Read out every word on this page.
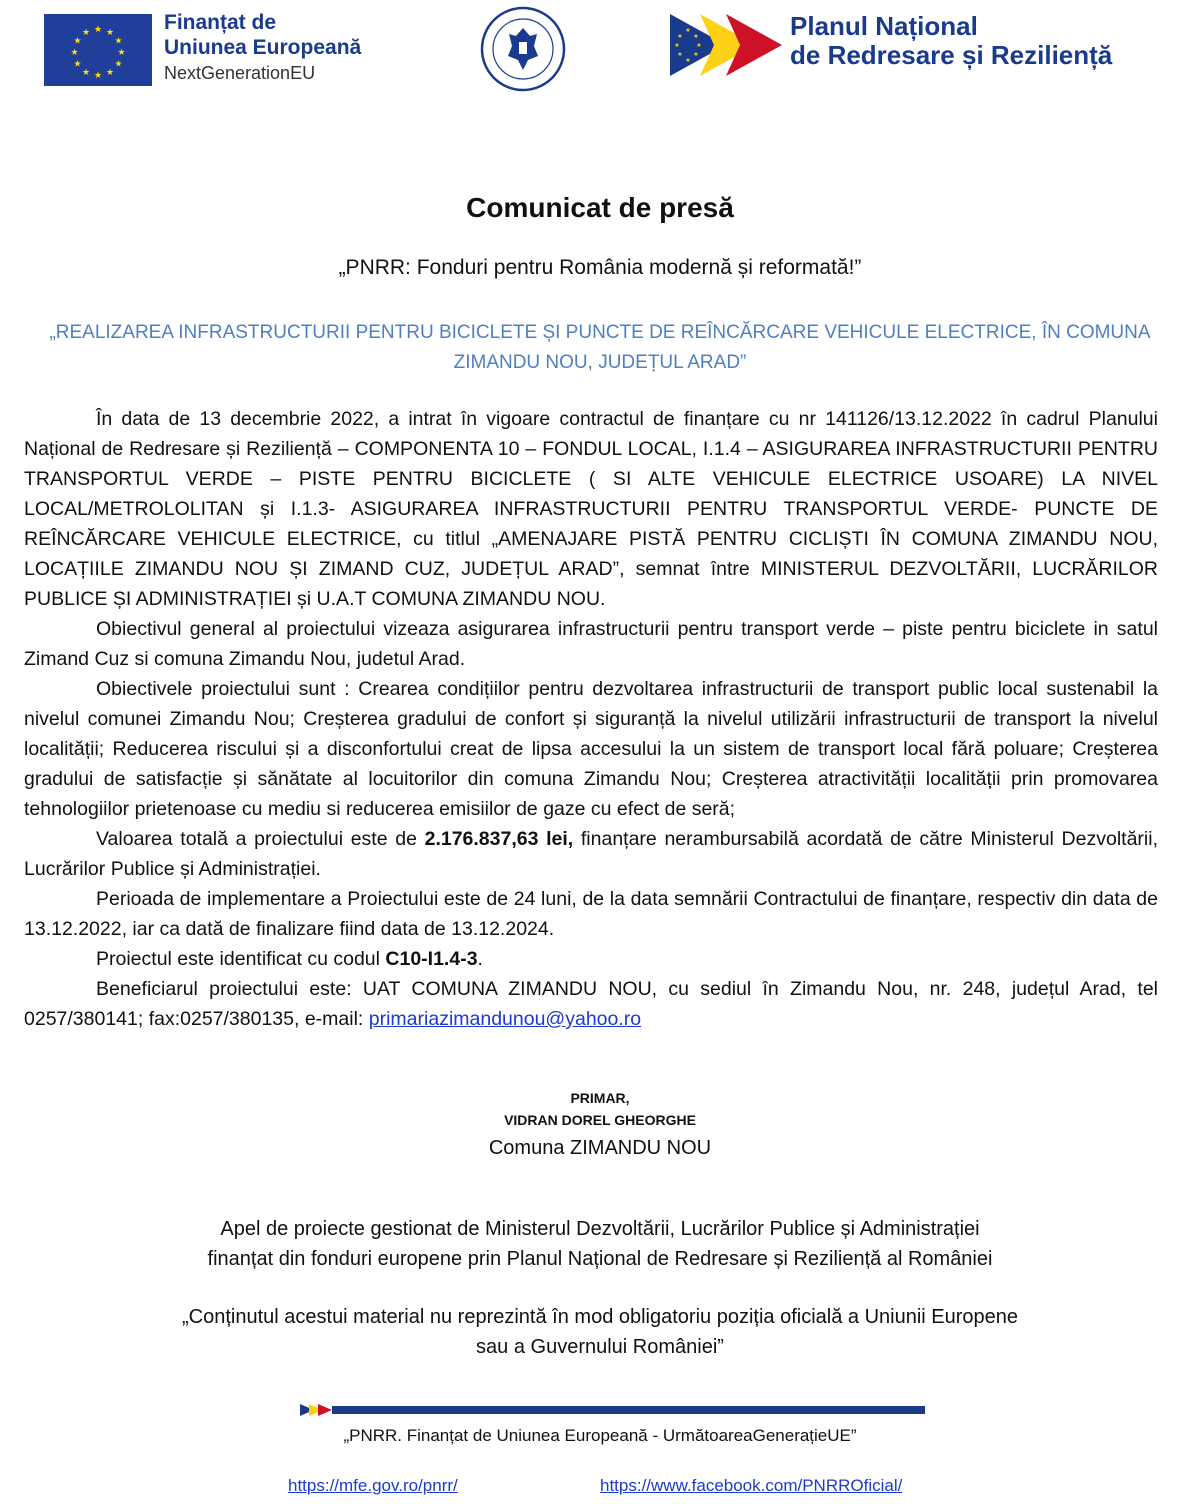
★ ★
★
★
★
★
★
★
★
★
★
★	Finanțat de
Uniunea Europeană
NextGenerationEU
★
★
★
★
★
★
★
★	Planul Național
de Redresare și Reziliență
Comunicat de presă
„PNRR: Fonduri pentru România modernă și reformată!”
„REALIZAREA INFRASTRUCTURII PENTRU BICICLETE ȘI PUNCTE DE REÎNCĂRCARE VEHICULE ELECTRICE, ÎN COMUNA ZIMANDU NOU, JUDEȚUL ARAD”

În data de 13 decembrie 2022, a intrat în vigoare contractul de finanțare cu nr 141126/13.12.2022 în cadrul Planului Național de Redresare și Reziliență – COMPONENTA 10 – FONDUL LOCAL, I.1.4 – ASIGURAREA INFRASTRUCTURII PENTRU TRANSPORTUL VERDE – PISTE PENTRU BICICLETE ( SI ALTE VEHICULE ELECTRICE USOARE) LA NIVEL LOCAL/METROLOLITAN și I.1.3- ASIGURAREA INFRASTRUCTURII PENTRU TRANSPORTUL VERDE- PUNCTE DE REÎNCĂRCARE VEHICULE ELECTRICE, cu titlul „AMENAJARE PISTĂ PENTRU CICLIȘTI ÎN COMUNA ZIMANDU NOU, LOCAȚIILE ZIMANDU NOU ȘI ZIMAND CUZ, JUDEȚUL ARAD”, semnat între MINISTERUL DEZVOLTĂRII, LUCRĂRILOR PUBLICE ȘI ADMINISTRAȚIEI și U.A.T COMUNA ZIMANDU NOU.

Obiectivul general al proiectului vizeaza asigurarea infrastructurii pentru transport verde – piste pentru biciclete in satul Zimand Cuz si comuna Zimandu Nou, judetul Arad.

Obiectivele proiectului sunt : Crearea condițiilor pentru dezvoltarea infrastructurii de transport public local sustenabil la nivelul comunei Zimandu Nou; Creșterea gradului de confort și siguranță la nivelul utilizării infrastructurii de transport la nivelul localității; Reducerea riscului și a disconfortului creat de lipsa accesului la un sistem de transport local fără poluare; Creșterea gradului de satisfacție și sănătate al locuitorilor din comuna Zimandu Nou; Creșterea atractivității localității prin promovarea tehnologiilor prietenoase cu mediu si reducerea emisiilor de gaze cu efect de seră;

Valoarea totală a proiectului este de 2.176.837,63 lei, finanțare nerambursabilă acordată de către Ministerul Dezvoltării, Lucrărilor Publice și Administrației.

Perioada de implementare a Proiectului este de 24 luni, de la data semnării Contractului de finanțare, respectiv din data de 13.12.2022, iar ca dată de finalizare fiind data de 13.12.2024.

Proiectul este identificat cu codul C10-I1.4-3.

Beneficiarul proiectului este: UAT COMUNA ZIMANDU NOU, cu sediul în Zimandu Nou, nr. 248, județul Arad, tel 0257/380141; fax:0257/380135, e-mail: primariazimandunou@yahoo.ro

PRIMAR,
VIDRAN DOREL GHEORGHE
Comuna ZIMANDU NOU
Apel de proiecte gestionat de Ministerul Dezvoltării, Lucrărilor Publice și Administrației
finanțat din fonduri europene prin Planul Național de Redresare și Reziliență al României
„Conținutul acestui material nu reprezintă în mod obligatoriu poziția oficială a Uniunii Europene
sau a Guvernului României”
„PNRR. Finanțat de Uniunea Europeană - UrmătoareaGenerațieUE”
https://mfe.gov.ro/pnrr/	https://www.facebook.com/PNRROficial/
